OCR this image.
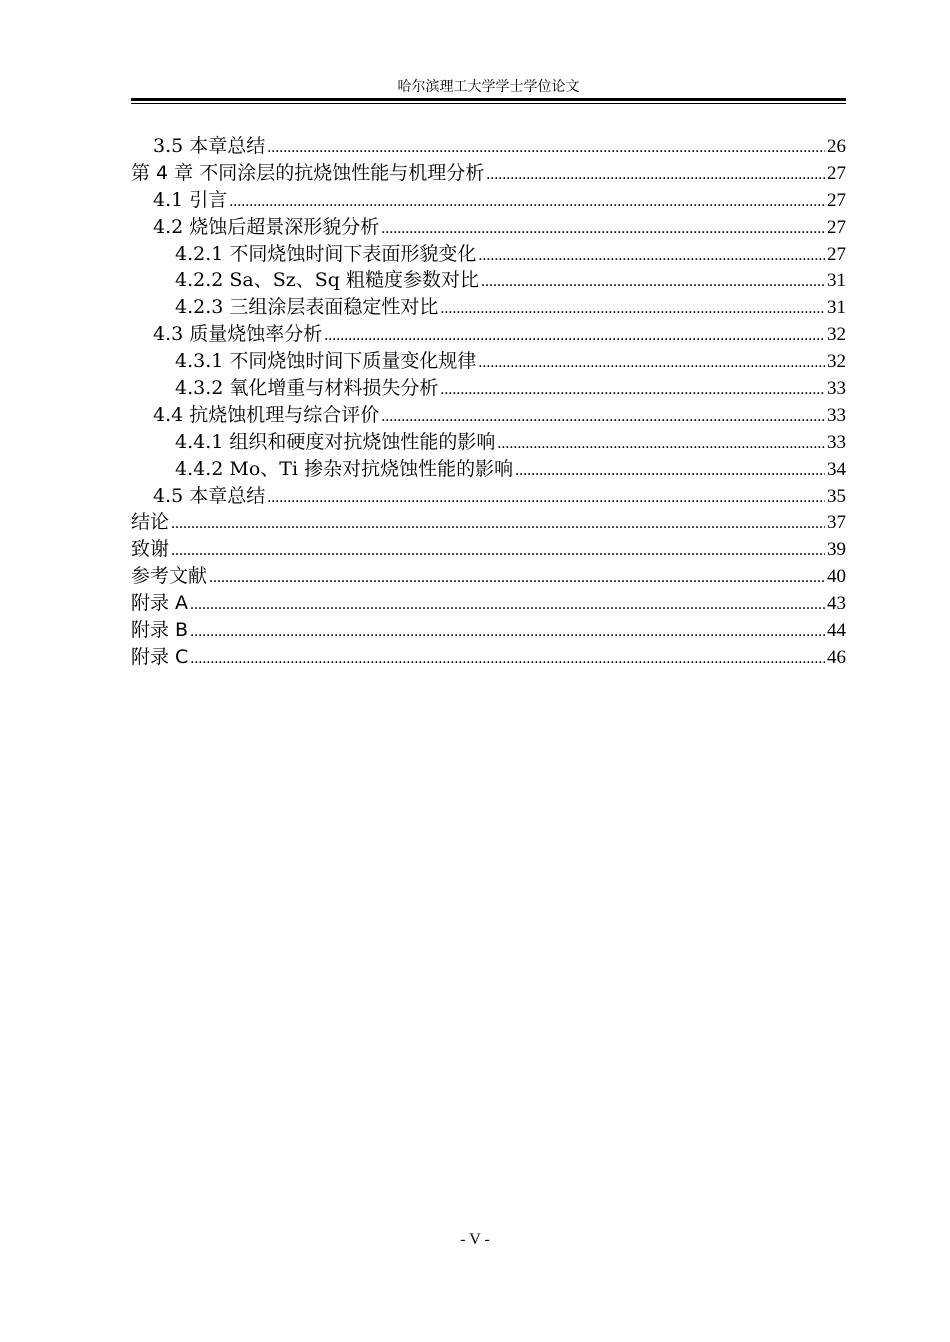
哈尔滨理工大学学士学位论文
3.5 本章总结 .....	26
第 4 章 不同涂层的抗烧蚀性能与机理分析 .....	27
4.1 引言 .....	27
4.2 烧蚀后超景深形貌分析 .....	27
4.2.1 不同烧蚀时间下表面形貌变化 .....	27
4.2.2 Sa、Sz、Sq 粗糙度参数对比 .....	31
4.2.3 三组涂层表面稳定性对比 .....	31
4.3 质量烧蚀率分析 .....	32
4.3.1 不同烧蚀时间下质量变化规律 .....	32
4.3.2 氧化增重与材料损失分析 .....	33
4.4 抗烧蚀机理与综合评价 .....	33
4.4.1 组织和硬度对抗烧蚀性能的影响 .....	33
4.4.2 Mo、Ti 掺杂对抗烧蚀性能的影响 .....	34
4.5 本章总结 .....	35
结论 .....	37
致谢 .....	39
参考文献 .....	40
附录 A .....	43
附录 B .....	44
附录 C .....	46
- V -
